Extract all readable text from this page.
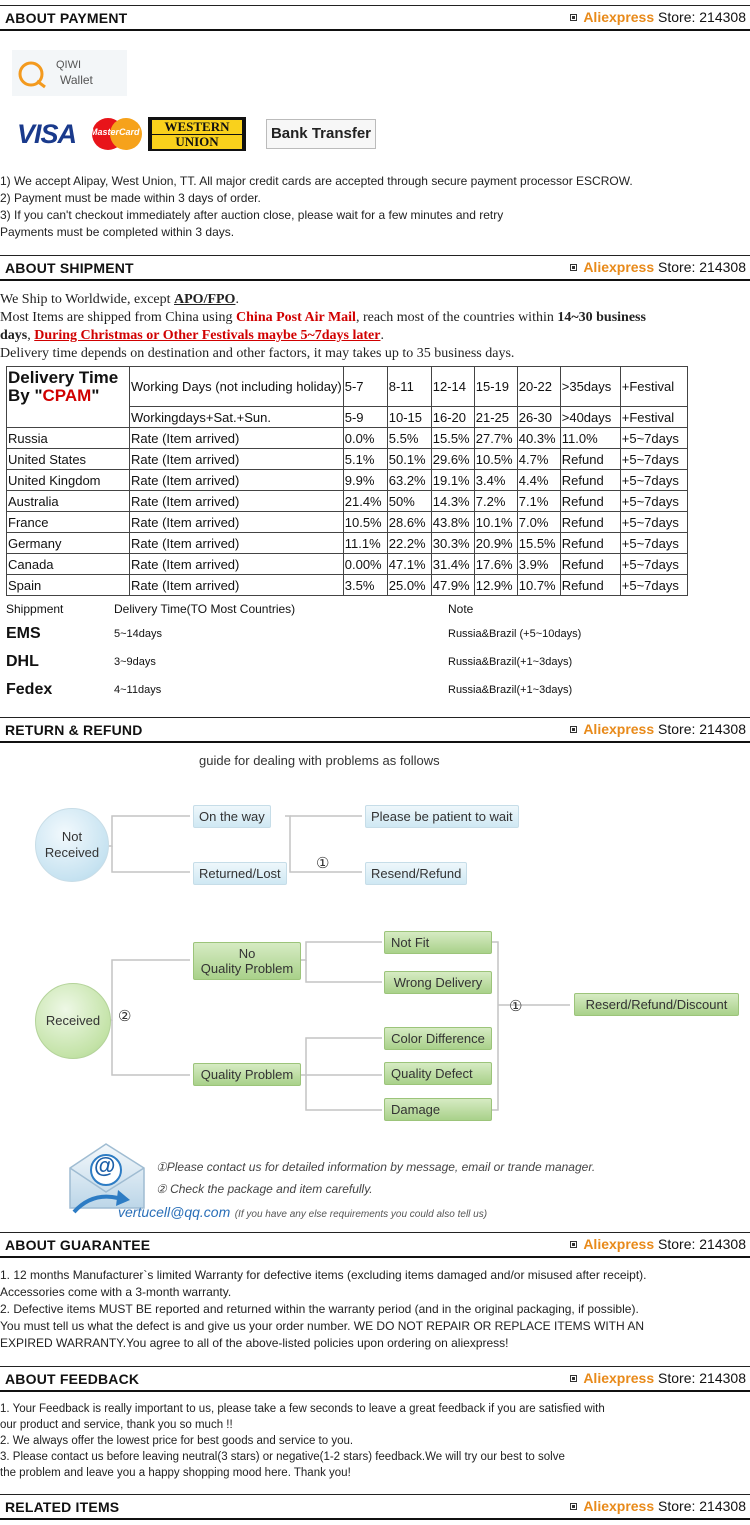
ABOUT PAYMENT	Aliexpress Store: 214308
QIWI
Wallet
VISA MasterCard	WESTERN
UNION	Bank Transfer
1) We accept Alipay, West Union, TT. All major credit cards are accepted through secure payment processor ESCROW.
2) Payment must be made within 3 days of order.
3) If you can't checkout immediately after auction close, please wait for a few minutes and retry
Payments must be completed within 3 days.
ABOUT SHIPMENT	Aliexpress Store: 214308
We Ship to Worldwide, except APO/FPO.
Most Items are shipped from China using China Post Air Mail, reach most of the countries within 14~30 business
days, During Christmas or Other Festivals maybe 5~7days later.
Delivery time depends on destination and other factors, it may takes up to 35 business days.
Delivery Time
By "CPAM"	Working Days (not including holiday)	5-7	8-11	12-14	15-19	20-22	>35days	+Festival
	Workingdays+Sat.+Sun.	5-9	10-15	16-20	21-25	26-30	>40days	+Festival
Russia	Rate (Item arrived)	0.0%	5.5%	15.5%	27.7%	40.3%	11.0%	+5~7days
United States	Rate (Item arrived)	5.1%	50.1%	29.6%	10.5%	4.7%	Refund	+5~7days
United Kingdom	Rate (Item arrived)	9.9%	63.2%	19.1%	3.4%	4.4%	Refund	+5~7days
Australia	Rate (Item arrived)	21.4%	50%	14.3%	7.2%	7.1%	Refund	+5~7days
France	Rate (Item arrived)	10.5%	28.6%	43.8%	10.1%	7.0%	Refund	+5~7days
Germany	Rate (Item arrived)	11.1%	22.2%	30.3%	20.9%	15.5%	Refund	+5~7days
Canada	Rate (Item arrived)	0.00%	47.1%	31.4%	17.6%	3.9%	Refund	+5~7days
Spain	Rate (Item arrived)	3.5%	25.0%	47.9%	12.9%	10.7%	Refund	+5~7days
Shippment	Delivery Time(TO Most Countries)	Note
EMS	5~14days	Russia&Brazil (+5~10days)
DHL	3~9days	Russia&Brazil(+1~3days)
Fedex	4~11days	Russia&Brazil(+1~3days)
RETURN & REFUND	Aliexpress Store: 214308
guide for dealing with problems as follows
Not
Received
On the way
Returned/Lost
Please be patient to wait
Resend/Refund
①
Received	②
No
Quality Problem
Quality Problem
Not Fit
Wrong Delivery
Color Difference
Quality Defect
Damage
①	Reserd/Refund/Discount
@	①Please contact us for detailed information by message, email or trande manager.
② Check the package and item carefully.
vertucell@qq.com (If you have any else requirements you could also tell us)
ABOUT GUARANTEE	Aliexpress Store: 214308
1. 12 months Manufacturer`s limited Warranty for defective items (excluding items damaged and/or misused after receipt).
Accessories come with a 3-month warranty.
2. Defective items MUST BE reported and returned within the warranty period (and in the original packaging, if possible).
You must tell us what the defect is and give us your order number. WE DO NOT REPAIR OR REPLACE ITEMS WITH AN
EXPIRED WARRANTY.You agree to all of the above-listed policies upon ordering on aliexpress!
ABOUT FEEDBACK	Aliexpress Store: 214308
1. Your Feedback is really important to us, please take a few seconds to leave a great feedback if you are satisfied with
our product and service, thank you so much !!
2. We always offer the lowest price for best goods and service to you.
3. Please contact us before leaving neutral(3 stars) or negative(1-2 stars) feedback.We will try our best to solve
the problem and leave you a happy shopping mood here. Thank you!
RELATED ITEMS	Aliexpress Store: 214308
